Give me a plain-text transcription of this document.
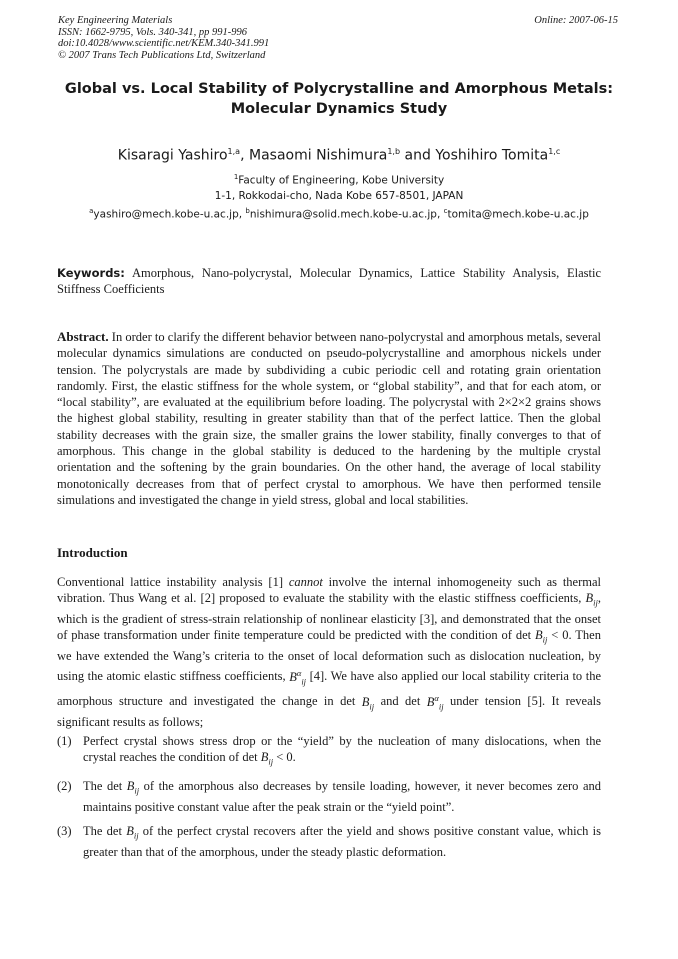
Key Engineering Materials
ISSN: 1662-9795, Vols. 340-341, pp 991-996
doi:10.4028/www.scientific.net/KEM.340-341.991
© 2007 Trans Tech Publications Ltd, Switzerland
Online: 2007-06-15
Global vs. Local Stability of Polycrystalline and Amorphous Metals:
Molecular Dynamics Study
Kisaragi Yashiro$^{1,a}$, Masaomi Nishimura$^{1,b}$ and Yoshihiro Tomita$^{1,c}$
$^1$Faculty of Engineering, Kobe University
1-1, Rokkodai-cho, Nada Kobe 657-8501, JAPAN
$^a$yashiro@mech.kobe-u.ac.jp, $^b$nishimura@solid.mech.kobe-u.ac.jp, $^c$tomita@mech.kobe-u.ac.jp
Keywords: Amorphous, Nano-polycrystal, Molecular Dynamics, Lattice Stability Analysis, Elastic Stiffness Coefficients
Abstract. In order to clarify the different behavior between nano-polycrystal and amorphous metals, several molecular dynamics simulations are conducted on pseudo-polycrystalline and amorphous nickels under tension. The polycrystals are made by subdividing a cubic periodic cell and rotating grain orientation randomly. First, the elastic stiffness for the whole system, or “global stability”, and that for each atom, or “local stability”, are evaluated at the equilibrium before loading. The polycrystal with 2×2×2 grains shows the highest global stability, resulting in greater stability than that of the perfect lattice. Then the global stability decreases with the grain size, the smaller grains the lower stability, finally converges to that of amorphous. This change in the global stability is deduced to the hardening by the multiple crystal orientation and the softening by the grain boundaries. On the other hand, the average of local stability monotonically decreases from that of perfect crystal to amorphous. We have then performed tensile simulations and investigated the change in yield stress, global and local stabilities.
Introduction
Conventional lattice instability analysis [1] cannot involve the internal inhomogeneity such as thermal vibration. Thus Wang et al. [2] proposed to evaluate the stability with the elastic stiffness coefficients, $B_{ij}$, which is the gradient of stress-strain relationship of nonlinear elasticity [3], and demonstrated that the onset of phase transformation under finite temperature could be predicted with the condition of $\det B_{ij} < 0$. Then we have extended the Wang’s criteria to the onset of local deformation such as dislocation nucleation, by using the atomic elastic stiffness coefficients, $B^\alpha_{ij}$ [4]. We have also applied our local stability criteria to the amorphous structure and investigated the change in $\det B_{ij}$ and $\det B^\alpha_{ij}$ under tension [5]. It reveals significant results as follows;
(1) Perfect crystal shows stress drop or the “yield” by the nucleation of many dislocations, when the crystal reaches the condition of $\det B_{ij} < 0$.
(2) The $\det B_{ij}$ of the amorphous also decreases by tensile loading, however, it never becomes zero and maintains positive constant value after the peak strain or the “yield point”.
(3) The $\det B_{ij}$ of the perfect crystal recovers after the yield and shows positive constant value, which is greater than that of the amorphous, under the steady plastic deformation.
